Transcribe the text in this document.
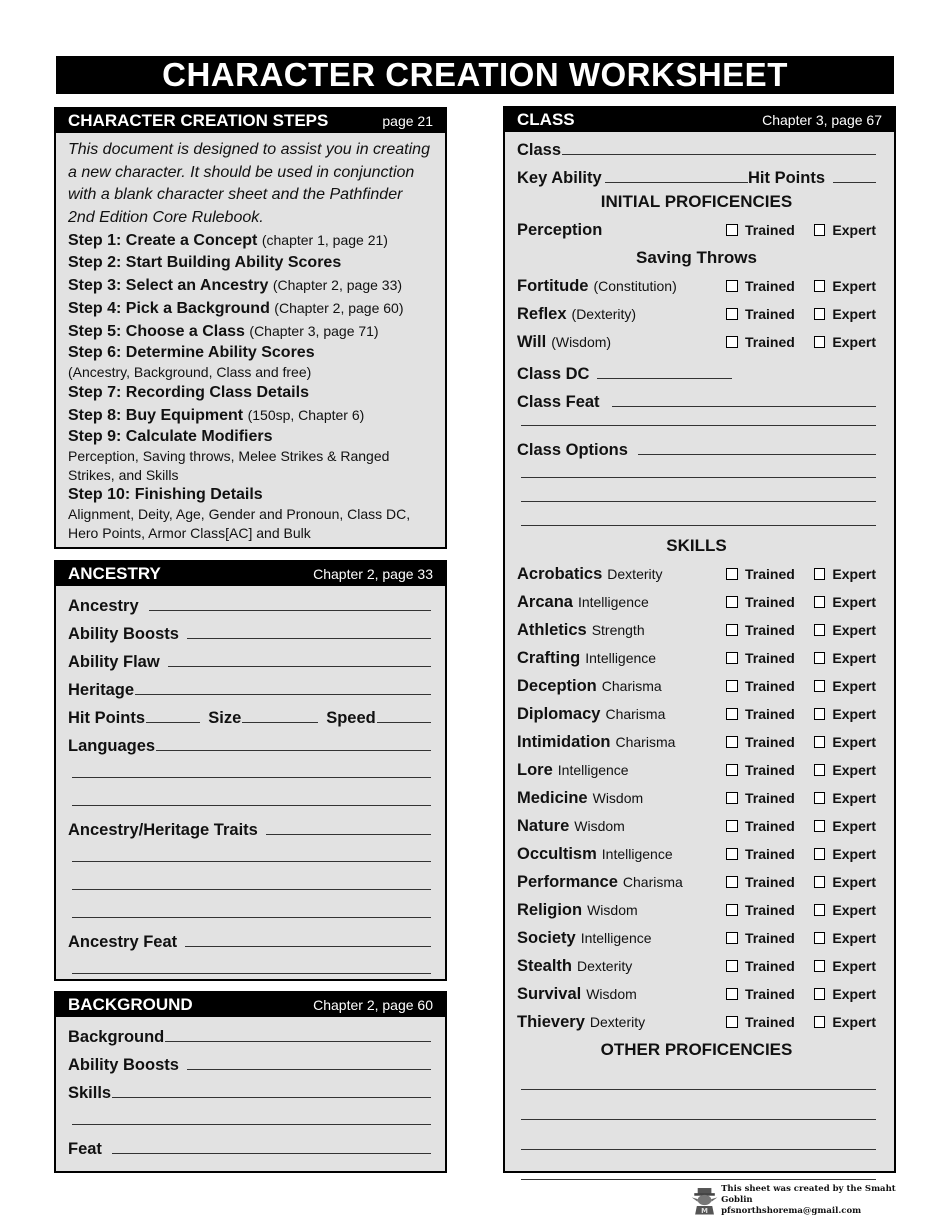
CHARACTER CREATION WORKSHEET
CHARACTER CREATION STEPS	page 21
This document is designed to assist you in creating a new character. It should be used in conjunction with a blank character sheet and the Pathfinder 2nd Edition Core Rulebook.
Step 1: Create a Concept (chapter 1, page 21)
Step 2: Start Building Ability Scores
Step 3: Select an Ancestry (Chapter 2, page 33)
Step 4: Pick a Background (Chapter 2, page 60)
Step 5: Choose a Class (Chapter 3, page 71)
Step 6: Determine Ability Scores
(Ancestry, Background, Class and free)
Step 7: Recording Class Details
Step 8: Buy Equipment (150sp, Chapter 6)
Step 9: Calculate Modifiers
Perception, Saving throws, Melee Strikes & Ranged Strikes, and Skills
Step 10: Finishing Details
Alignment, Deity, Age, Gender and Pronoun, Class DC, Hero Points, Armor Class[AC] and Bulk
ANCESTRY	Chapter 2, page 33
Ancestry
Ability Boosts
Ability Flaw
Heritage
Hit Points	Size	Speed
Languages
Ancestry/Heritage Traits
Ancestry Feat
BACKGROUND	Chapter 2, page 60
Background
Ability Boosts
Skills
Feat
CLASS	Chapter 3, page 67
Class
Key Ability	Hit Points
INITIAL PROFICENCIES
Perception	Trained	Expert
Saving Throws
Fortitude (Constitution)	Trained	Expert
Reflex (Dexterity)	Trained	Expert
Will (Wisdom)	Trained	Expert
Class DC
Class Feat
Class Options
SKILLS
Acrobatics Dexterity	Trained	Expert
Arcana Intelligence	Trained	Expert
Athletics Strength	Trained	Expert
Crafting Intelligence	Trained	Expert
Deception Charisma	Trained	Expert
Diplomacy Charisma	Trained	Expert
Intimidation Charisma	Trained	Expert
Lore Intelligence	Trained	Expert
Medicine Wisdom	Trained	Expert
Nature Wisdom	Trained	Expert
Occultism Intelligence	Trained	Expert
Performance Charisma	Trained	Expert
Religion Wisdom	Trained	Expert
Society Intelligence	Trained	Expert
Stealth Dexterity	Trained	Expert
Survival Wisdom	Trained	Expert
Thievery Dexterity	Trained	Expert
OTHER PROFICENCIES
M
This sheet was created by the Smaht Goblin
pfsnorthshorema@gmail.com
